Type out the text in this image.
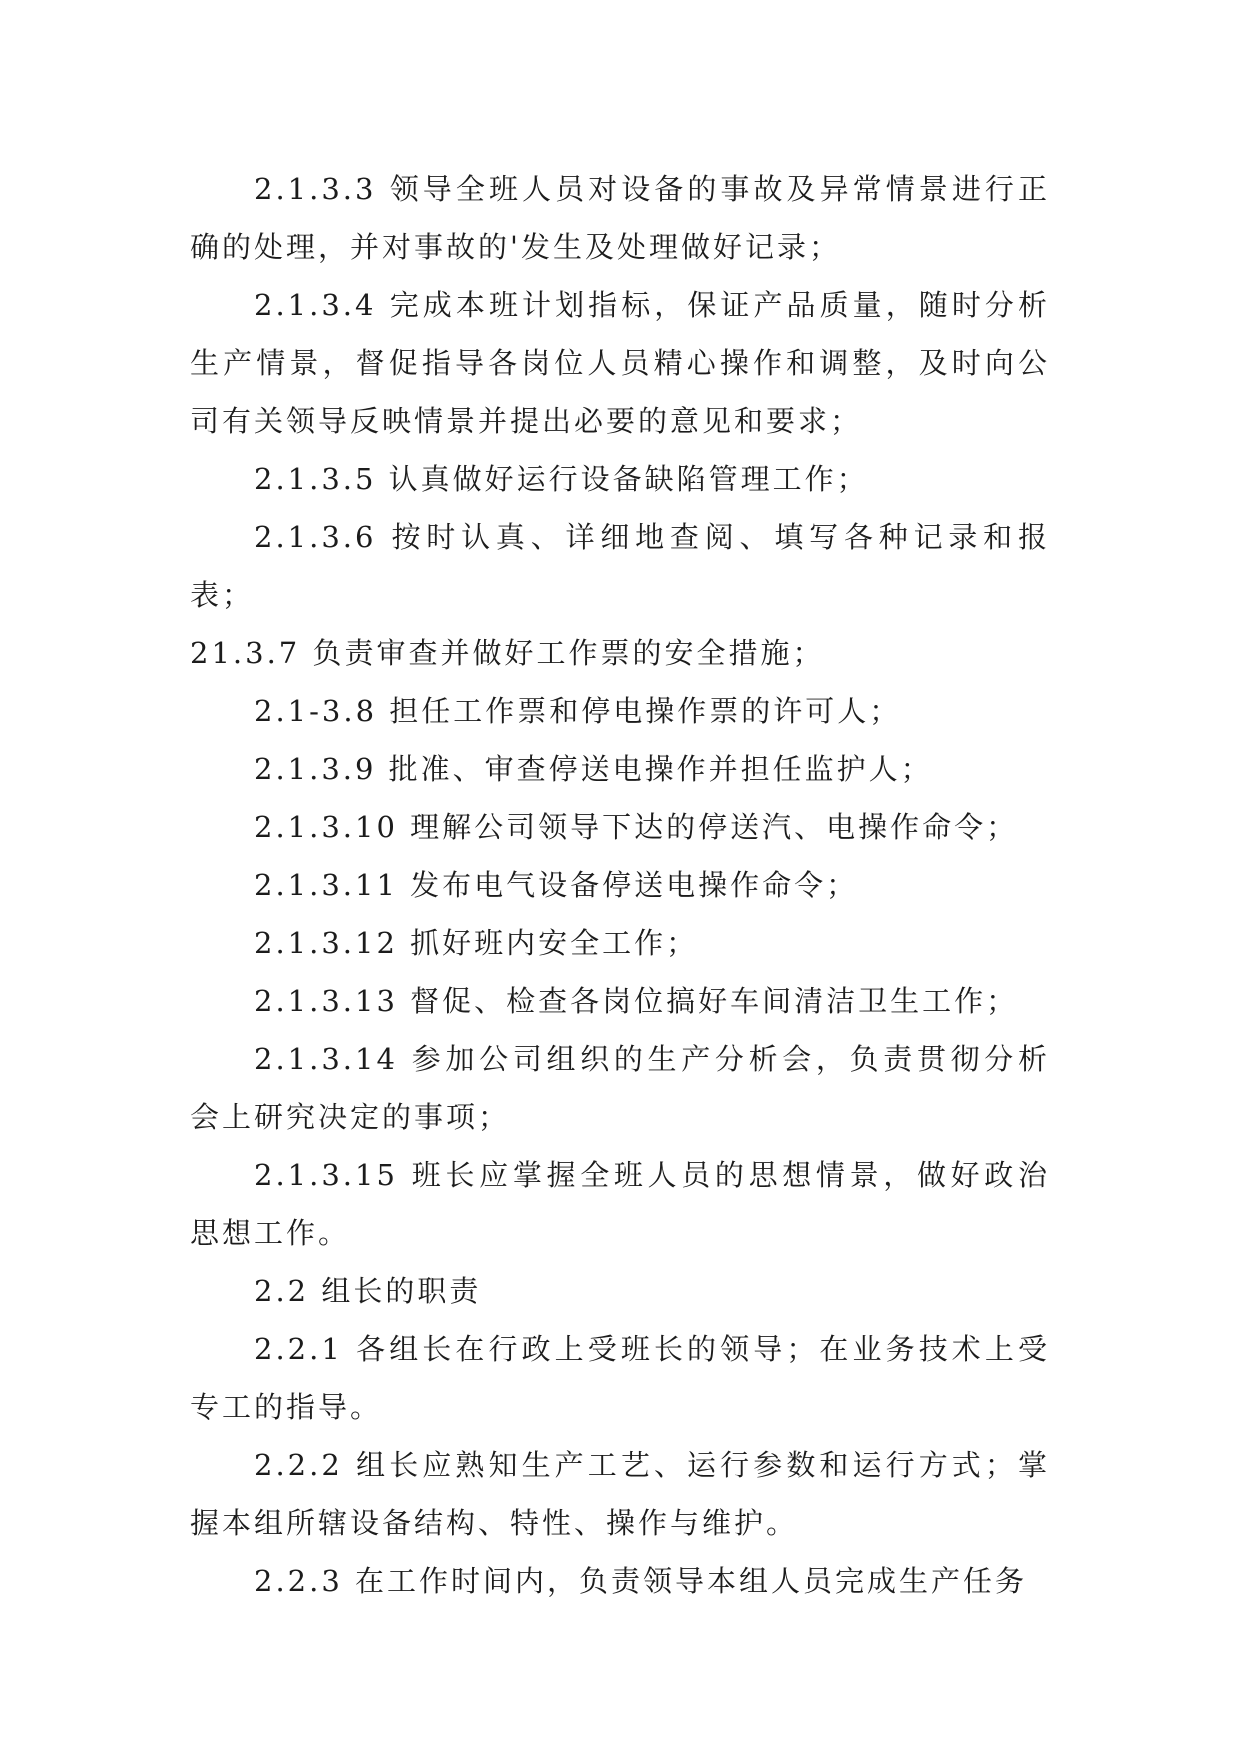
2.1.3.3 领导全班人员对设备的事故及异常情景进行正确的处理，并对事故的'发生及处理做好记录；

2.1.3.4 完成本班计划指标，保证产品质量，随时分析生产情景，督促指导各岗位人员精心操作和调整，及时向公司有关领导反映情景并提出必要的意见和要求；

2.1.3.5 认真做好运行设备缺陷管理工作；

2.1.3.6 按时认真、详细地查阅、填写各种记录和报表；

21.3.7 负责审查并做好工作票的安全措施；

2.1-3.8 担任工作票和停电操作票的许可人；

2.1.3.9 批准、审查停送电操作并担任监护人；

2.1.3.10 理解公司领导下达的停送汽、电操作命令；

2.1.3.11 发布电气设备停送电操作命令；

2.1.3.12 抓好班内安全工作；

2.1.3.13 督促、检查各岗位搞好车间清洁卫生工作；

2.1.3.14 参加公司组织的生产分析会，负责贯彻分析会上研究决定的事项；

2.1.3.15 班长应掌握全班人员的思想情景，做好政治思想工作。

2.2 组长的职责

2.2.1 各组长在行政上受班长的领导；在业务技术上受专工的指导。

2.2.2 组长应熟知生产工艺、运行参数和运行方式；掌握本组所辖设备结构、特性、操作与维护。

2.2.3 在工作时间内，负责领导本组人员完成生产任务
